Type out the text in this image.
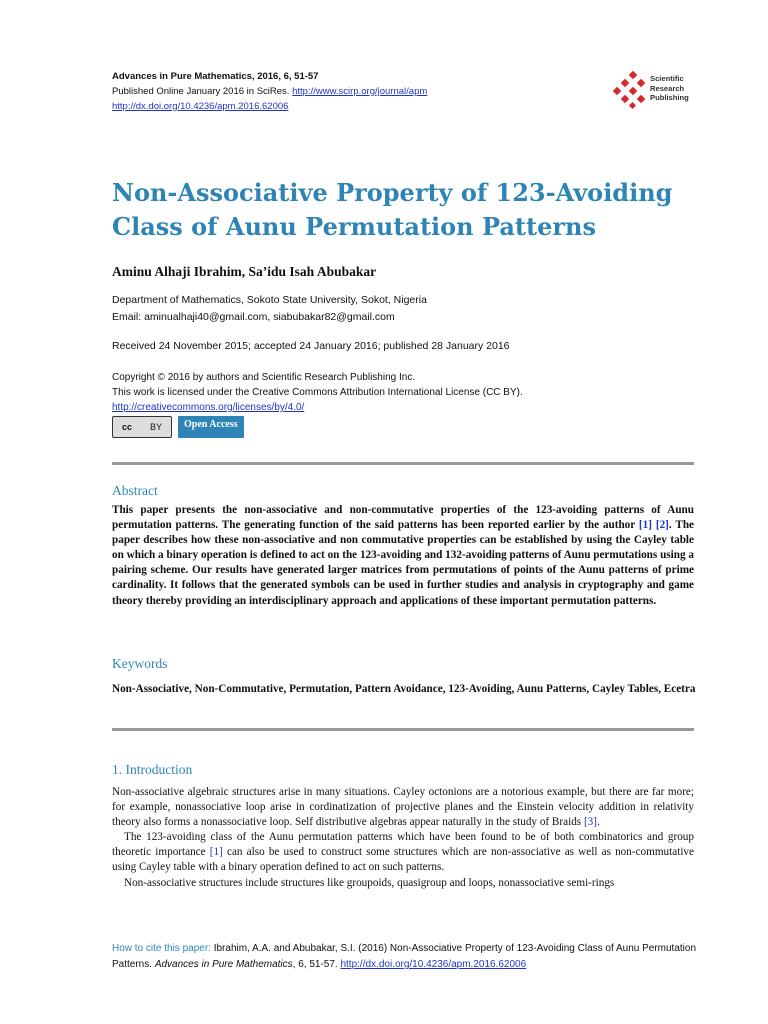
Advances in Pure Mathematics, 2016, 6, 51-57
Published Online January 2016 in SciRes. http://www.scirp.org/journal/apm
http://dx.doi.org/10.4236/apm.2016.62006
Scientific
Research
Publishing
Non-Associative Property of 123-Avoiding
Class of Aunu Permutation Patterns
Aminu Alhaji Ibrahim, Sa’idu Isah Abubakar
Department of Mathematics, Sokoto State University, Sokot, Nigeria
Email: aminualhaji40@gmail.com, siabubakar82@gmail.com
Received 24 November 2015; accepted 24 January 2016; published 28 January 2016
Copyright © 2016 by authors and Scientific Research Publishing Inc.
This work is licensed under the Creative Commons Attribution International License (CC BY).
http://creativecommons.org/licenses/by/4.0/
cc BY	Open Access
Abstract
This paper presents the non-associative and non-commutative properties of the 123-avoiding patterns of Aunu permutation patterns. The generating function of the said patterns has been reported earlier by the author [1] [2]. The paper describes how these non-associative and non commutative properties can be established by using the Cayley table on which a binary operation is defined to act on the 123-avoiding and 132-avoiding patterns of Aunu permutations using a pairing scheme. Our results have generated larger matrices from permutations of points of the Aunu patterns of prime cardinality. It follows that the generated symbols can be used in further studies and analysis in cryptography and game theory thereby providing an interdisciplinary approach and applications of these important permutation patterns.
Keywords
Non-Associative, Non-Commutative, Permutation, Pattern Avoidance, 123-Avoiding, Aunu Patterns, Cayley Tables, Ecetra
1. Introduction

Non-associative algebraic structures arise in many situations. Cayley octonions are a notorious example, but there are far more; for example, nonassociative loop arise in cordinatization of projective planes and the Einstein velocity addition in relativity theory also forms a nonassociative loop. Self distributive algebras appear naturally in the study of Braids [3].

The 123-avoiding class of the Aunu permutation patterns which have been found to be of both combinatorics and group theoretic importance [1] can also be used to construct some structures which are non-associative as well as non-commutative using Cayley table with a binary operation defined to act on such patterns.

Non-associative structures include structures like groupoids, quasigroup and loops, nonassociative semi-rings

How to cite this paper: Ibrahim, A.A. and Abubakar, S.I. (2016) Non-Associative Property of 123-Avoiding Class of Aunu Permutation Patterns. Advances in Pure Mathematics, 6, 51-57. http://dx.doi.org/10.4236/apm.2016.62006
